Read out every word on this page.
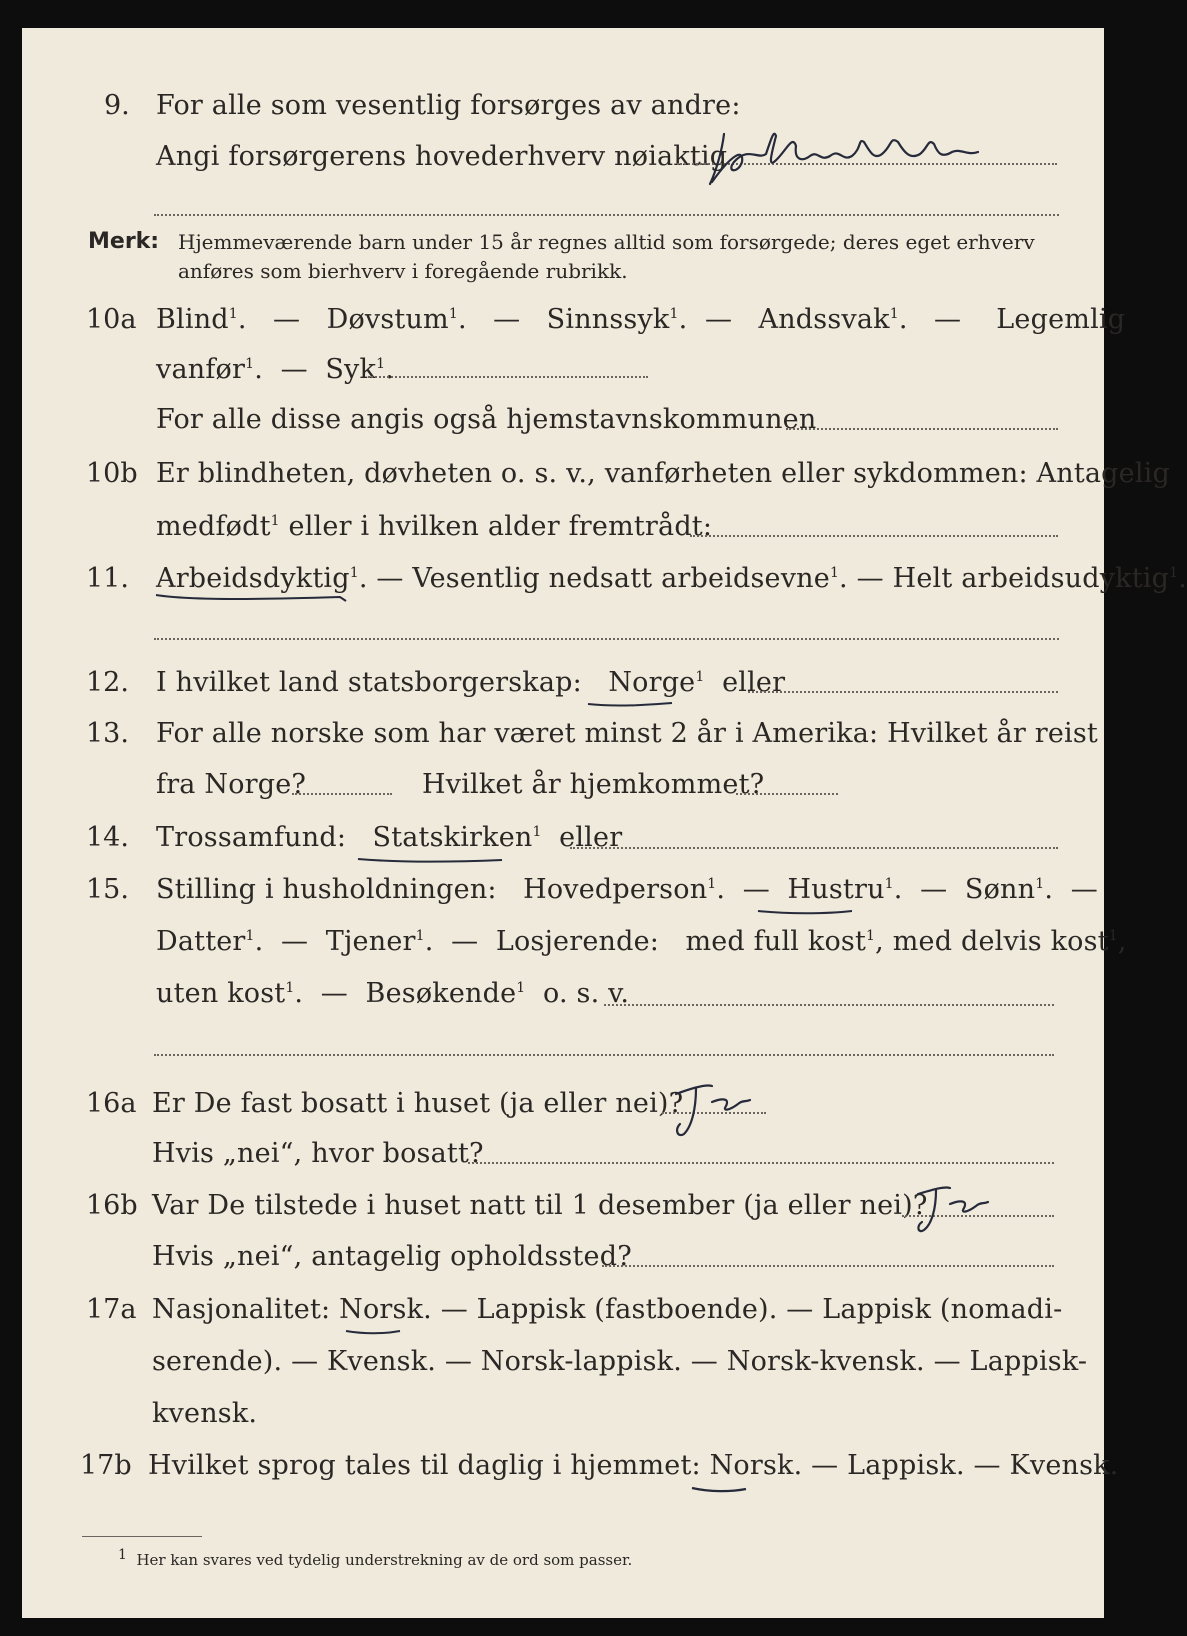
9. For alle som vesentlig forsørges av andre:
Angi forsørgerens hovederhverv nøiaktig
Merk: Hjemmeværende barn under 15 år regnes alltid som forsørgede; deres eget erhverv
anføres som bierhverv i foregående rubrikk.
10a Blind$^1$.   —   Døvstum$^1$.   —   Sinnssyk$^1$.  —   Andssvak$^1$.   —    Legemlig
vanfør$^1$.  —  Syk$^1$.
For alle disse angis også hjemstavnskommunen
10b Er blindheten, døvheten o. s. v., vanførheten eller sykdommen: Antagelig
medfødt$^1$ eller i hvilken alder fremtrådt:
11. Arbeidsdyktig$^1$. — Vesentlig nedsatt arbeidsevne$^1$. — Helt arbeidsudyktig$^1$.
12. I hvilket land statsborgerskap: Norge$^1$ eller
13. For alle norske som har været minst 2 år i Amerika: Hvilket år reist
fra Norge?	Hvilket år hjemkommet?
14. Trossamfund: Statskirken$^1$ eller
15. Stilling i husholdningen: Hovedperson$^1$.  —  Hustru$^1$.  —  Sønn$^1$.  —
Datter$^1$.  —  Tjener$^1$.  —  Losjerende: med full kost$^1$, med delvis kost$^1$,
uten kost$^1$.  —  Besøkende$^1$ o. s. v.
16a Er De fast bosatt i huset (ja eller nei)?
Hvis „nei“, hvor bosatt?
16b Var De tilstede i huset natt til 1 desember (ja eller nei)?
Hvis „nei“, antagelig opholdssted?
17a Nasjonalitet: Norsk. — Lappisk (fastboende). — Lappisk (nomadi-
serende). — Kvensk. — Norsk-lappisk. — Norsk-kvensk. — Lappisk-
kvensk.
17b Hvilket sprog tales til daglig i hjemmet: Norsk. — Lappisk. — Kvensk.
$^1$ Her kan svares ved tydelig understrekning av de ord som passer.
